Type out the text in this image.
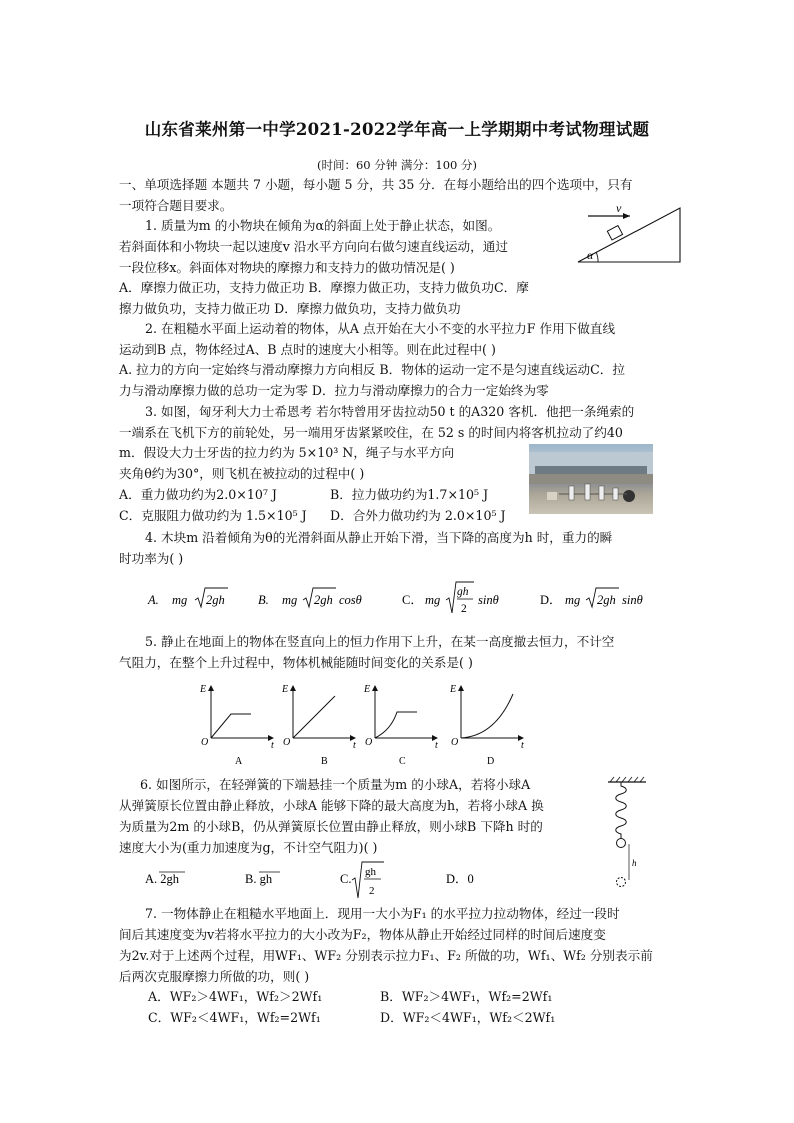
山东省莱州第一中学2021-2022学年高一上学期期中考试物理试题
(时间：60 分钟 满分：100 分)
一、单项选择题 本题共 7 小题，每小题 5 分，共 35 分．在每小题给出的四个选项中，只有
一项符合题目要求。
1. 质量为m 的小物块在倾角为α的斜面上处于静止状态，如图。
若斜面体和小物块一起以速度v 沿水平方向向右做匀速直线运动，通过
一段位移x。斜面体对物块的摩擦力和支持力的做功情况是( )
A．摩擦力做正功，支持力做正功 B．摩擦力做正功，支持力做负功C．摩
擦力做负功，支持力做正功 D．摩擦力做负功，支持力做负功
v
α
2. 在粗糙水平面上运动着的物体，从A 点开始在大小不变的水平拉力F 作用下做直线
运动到B 点，物体经过A、B 点时的速度大小相等。则在此过程中( )
A. 拉力的方向一定始终与滑动摩擦力方向相反 B．物体的运动一定不是匀速直线运动C．拉
力与滑动摩擦力做的总功一定为零 D．拉力与滑动摩擦力的合力一定始终为零
3. 如图，匈牙利大力士希恩考 若尔特曾用牙齿拉动50 t 的A320 客机．他把一条绳索的
一端系在飞机下方的前轮处，另一端用牙齿紧紧咬住，在 52 s 的时间内将客机拉动了约40
m．假设大力士牙齿的拉力约为 5×10³ N，绳子与水平方向
夹角θ约为30°，则飞机在被拉动的过程中( )
A．重力做功约为2.0×10⁷ J	B．拉力做功约为1.7×10⁵ J
C．克服阻力做功约为 1.5×10⁵ J D．合外力做功约为 2.0×10⁵ J
4. 木块m 沿着倾角为θ的光滑斜面从静止开始下滑，当下降的高度为h 时，重力的瞬
时功率为( )
A. mg 2gh	B. mg 2gh cosθ	C． mg
gh
2
sinθ	D． mg 2gh sinθ
5. 静止在地面上的物体在竖直向上的恒力作用下上升，在某一高度撤去恒力，不计空
气阻力，在整个上升过程中，物体机械能随时间变化的关系是( )
E
t
O
A
E
t
O
B
E
t
O
C
E
t
O
D
6. 如图所示，在轻弹簧的下端悬挂一个质量为m 的小球A，若将小球A
从弹簧原长位置由静止释放，小球A 能够下降的最大高度为h，若将小球A 换
为质量为2m 的小球B，仍从弹簧原长位置由静止释放，则小球B 下降h 时的
速度大小为(重力加速度为g，不计空气阻力)( )
A. 2gh	B. gh	C. gh
2
D．0
h
7. 一物体静止在粗糙水平地面上．现用一大小为F₁ 的水平拉力拉动物体，经过一段时
间后其速度变为v若将水平拉力的大小改为F₂，物体从静止开始经过同样的时间后速度变
为2v.对于上述两个过程，用WF₁、WF₂ 分别表示拉力F₁、F₂ 所做的功，Wf₁、Wf₂ 分别表示前
后两次克服摩擦力所做的功，则( )
A．WF₂＞4WF₁，Wf₂＞2Wf₁	B．WF₂＞4WF₁，Wf₂=2Wf₁
C．WF₂＜4WF₁，Wf₂=2Wf₁	D．WF₂＜4WF₁，Wf₂＜2Wf₁
